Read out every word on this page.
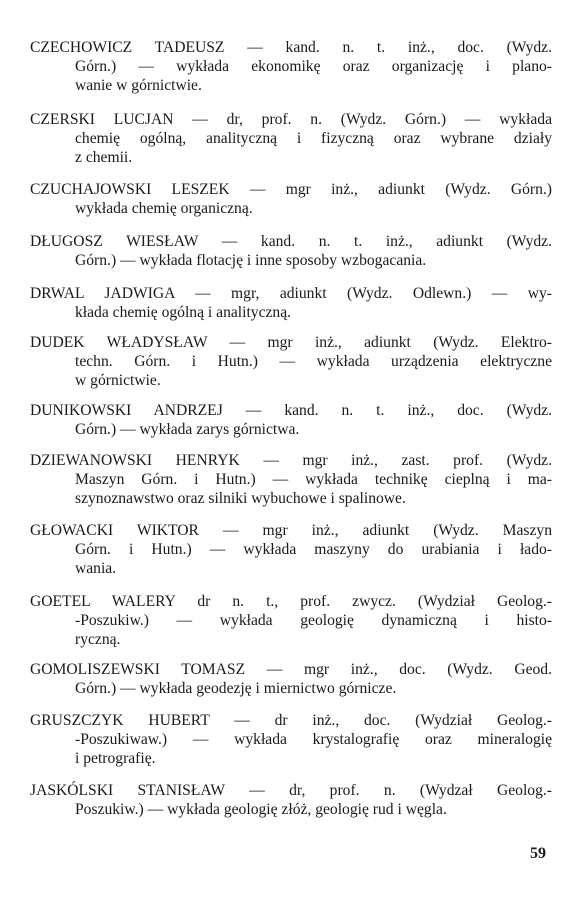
CZECHOWICZ TADEUSZ — kand. n. t. inż., doc. (Wydz.
Górn.) — wykłada ekonomikę oraz organizację i plano-
wanie w górnictwie.
CZERSKI LUCJAN — dr, prof. n. (Wydz. Górn.) — wykłada
chemię ogólną, analityczną i fizyczną oraz wybrane działy
z chemii.
CZUCHAJOWSKI LESZEK — mgr inż., adiunkt (Wydz. Górn.)
wykłada chemię organiczną.
DŁUGOSZ WIESŁAW — kand. n. t. inż., adiunkt (Wydz.
Górn.) — wykłada flotację i inne sposoby wzbogacania.
DRWAL JADWIGA — mgr, adiunkt (Wydz. Odlewn.) — wy-
kłada chemię ogólną i analityczną.
DUDEK WŁADYSŁAW — mgr inż., adiunkt (Wydz. Elektro-
techn. Górn. i Hutn.) — wykłada urządzenia elektryczne
w górnictwie.
DUNIKOWSKI ANDRZEJ — kand. n. t. inż., doc. (Wydz.
Górn.) — wykłada zarys górnictwa.
DZIEWANOWSKI HENRYK — mgr inż., zast. prof. (Wydz.
Maszyn Górn. i Hutn.) — wykłada technikę cieplną i ma-
szynoznawstwo oraz silniki wybuchowe i spalinowe.
GŁOWACKI WIKTOR — mgr inż., adiunkt (Wydz. Maszyn
Górn. i Hutn.) — wykłada maszyny do urabiania i łado-
wania.
GOETEL WALERY dr n. t., prof. zwycz. (Wydział Geolog.-
-Poszukiw.) — wykłada geologię dynamiczną i histo-
ryczną.
GOMOLISZEWSKI TOMASZ — mgr inż., doc. (Wydz. Geod.
Górn.) — wykłada geodezję i miernictwo górnicze.
GRUSZCZYK HUBERT — dr inż., doc. (Wydział Geolog.-
-Poszukiwaw.) — wykłada krystalografię oraz mineralogię
i petrografię.
JASKÓLSKI STANISŁAW — dr, prof. n. (Wydzał Geolog.-
Poszukiw.) — wykłada geologię złóż, geologię rud i węgla.
59
